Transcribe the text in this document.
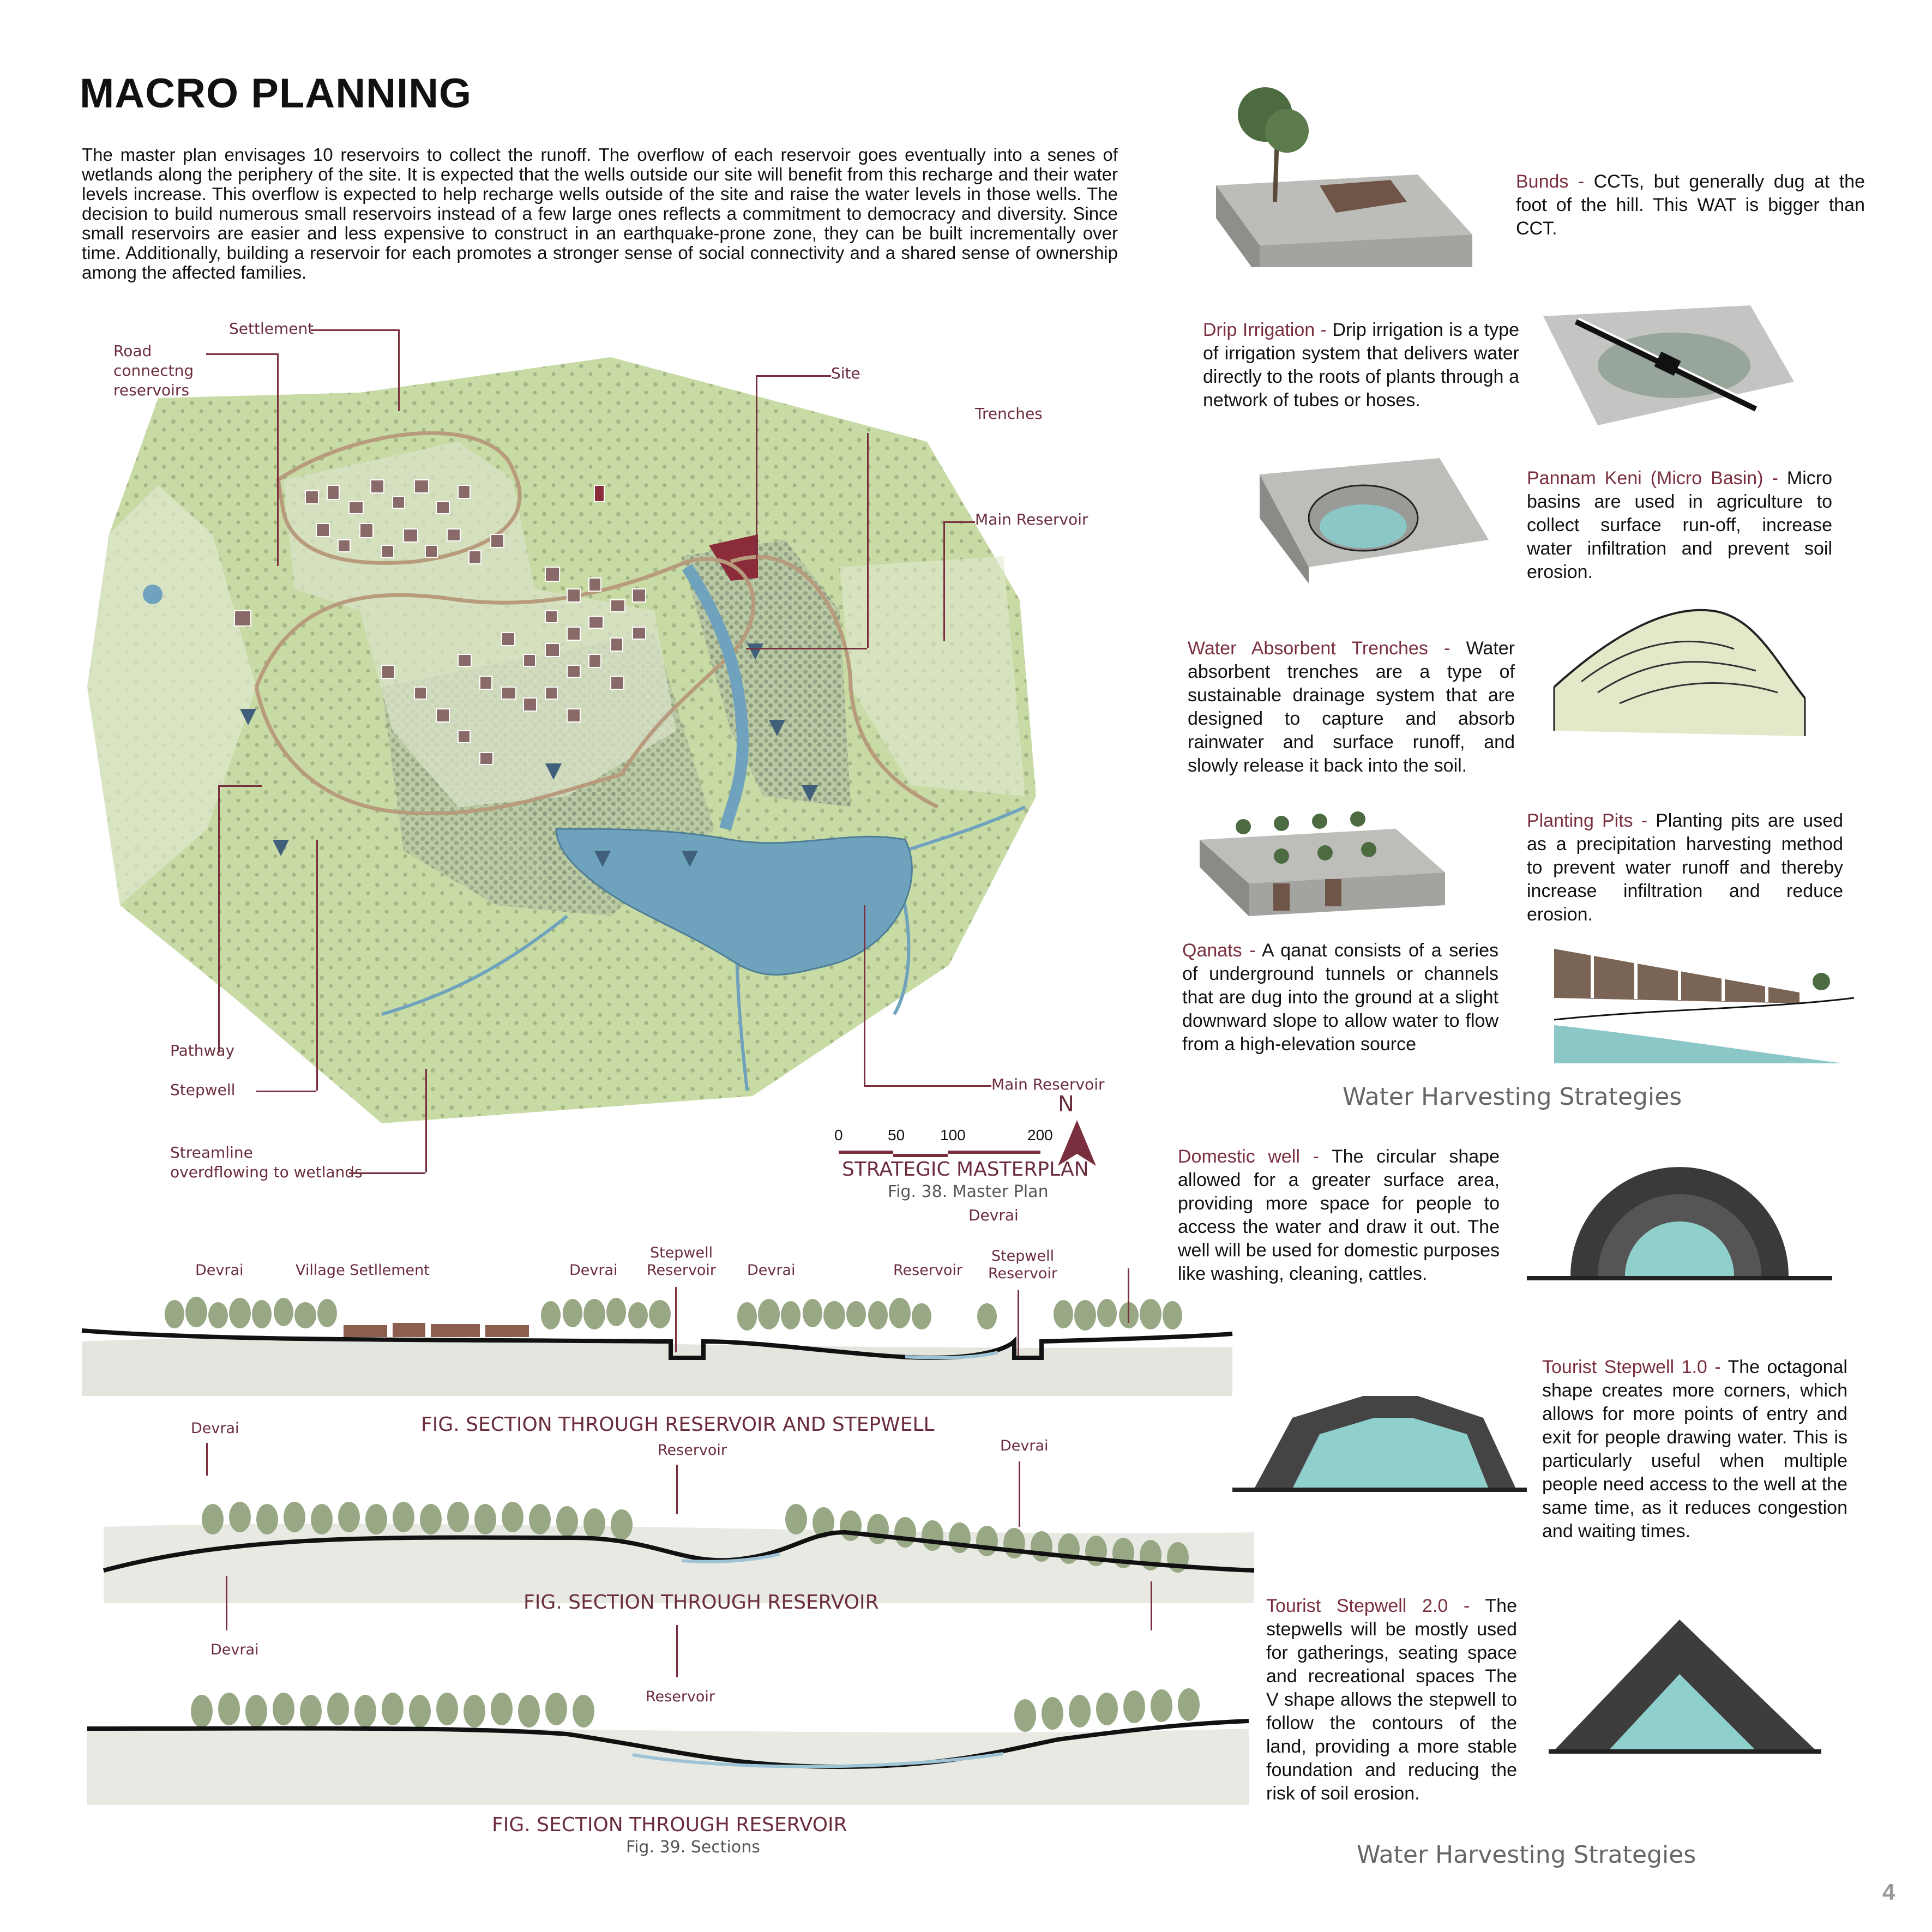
MACRO PLANNING
The master plan envisages 10 reservoirs to collect the runoff. The overflow of each reservoir goes eventually into a senes of wetlands along the periphery of the site. It is expected that the wells outside our site will benefit from this recharge and their water levels increase. This overflow is expected to help recharge wells outside of the site and raise the water levels in those wells. The decision to build numerous small reservoirs instead of a few large ones reflects a commitment to democracy and diversity. Since small reservoirs are easier and less expensive to construct in an earthquake-prone zone, they can be built incrementally over time. Additionally, building a reservoir for each promotes a stronger sense of social connectivity and a shared sense of ownership among the affected families.
Settlement
Road
connectng
reservoirs
Site
Trenches
Main Reservoir
Pathway
Stepwell
Streamline
overdflowing to wetlands
Main Reservoir
0	50 100	200
N
STRATEGIC MASTERPLAN
Fig. 38. Master Plan
Devrai
Devrai	Village Setllement	Devrai
Stepwell
Reservoir Devrai	Reservoir
Stepwell
Reservoir
FIG. SECTION THROUGH RESERVOIR AND STEPWELL
Devrai
Reservoir	Devrai
FIG. SECTION THROUGH RESERVOIR
Devrai
Reservoir
FIG. SECTION THROUGH RESERVOIR
Fig. 39. Sections
Bunds - CCTs, but generally dug at the foot of the hill. This WAT is bigger than CCT.
Drip Irrigation - Drip irrigation is a type of irrigation system that delivers water directly to the roots of plants through a network of tubes or hoses.
Pannam Keni (Micro Basin) - Micro basins are used in agriculture to collect surface run-off, increase water infiltration and prevent soil erosion.
Water Absorbent Trenches - Water absorbent trenches are a type of sustainable drainage system that are designed to capture and absorb rainwater and surface runoff, and slowly release it back into the soil.
Planting Pits - Planting pits are used as a precipitation harvesting method to prevent water runoff and thereby increase infiltration and reduce erosion.
Qanats - A qanat consists of a series of underground tunnels or channels that are dug into the ground at a slight downward slope to allow water to flow from a high-elevation source
Water Harvesting Strategies
Domestic well - The circular shape allowed for a greater surface area, providing more space for people to access the water and draw it out. The well will be used for domestic purposes like washing, cleaning, cattles.
Tourist Stepwell 1.0 - The octagonal shape creates more corners, which allows for more points of entry and exit for people drawing water. This is particularly useful when multiple people need access to the well at the same time, as it reduces congestion and waiting times.
Tourist Stepwell 2.0 - The stepwells will be mostly used for gatherings, seating space and recreational spaces The V shape allows the stepwell to follow the contours of the land, providing a more stable foundation and reducing the risk of soil erosion.
Water Harvesting Strategies
4
